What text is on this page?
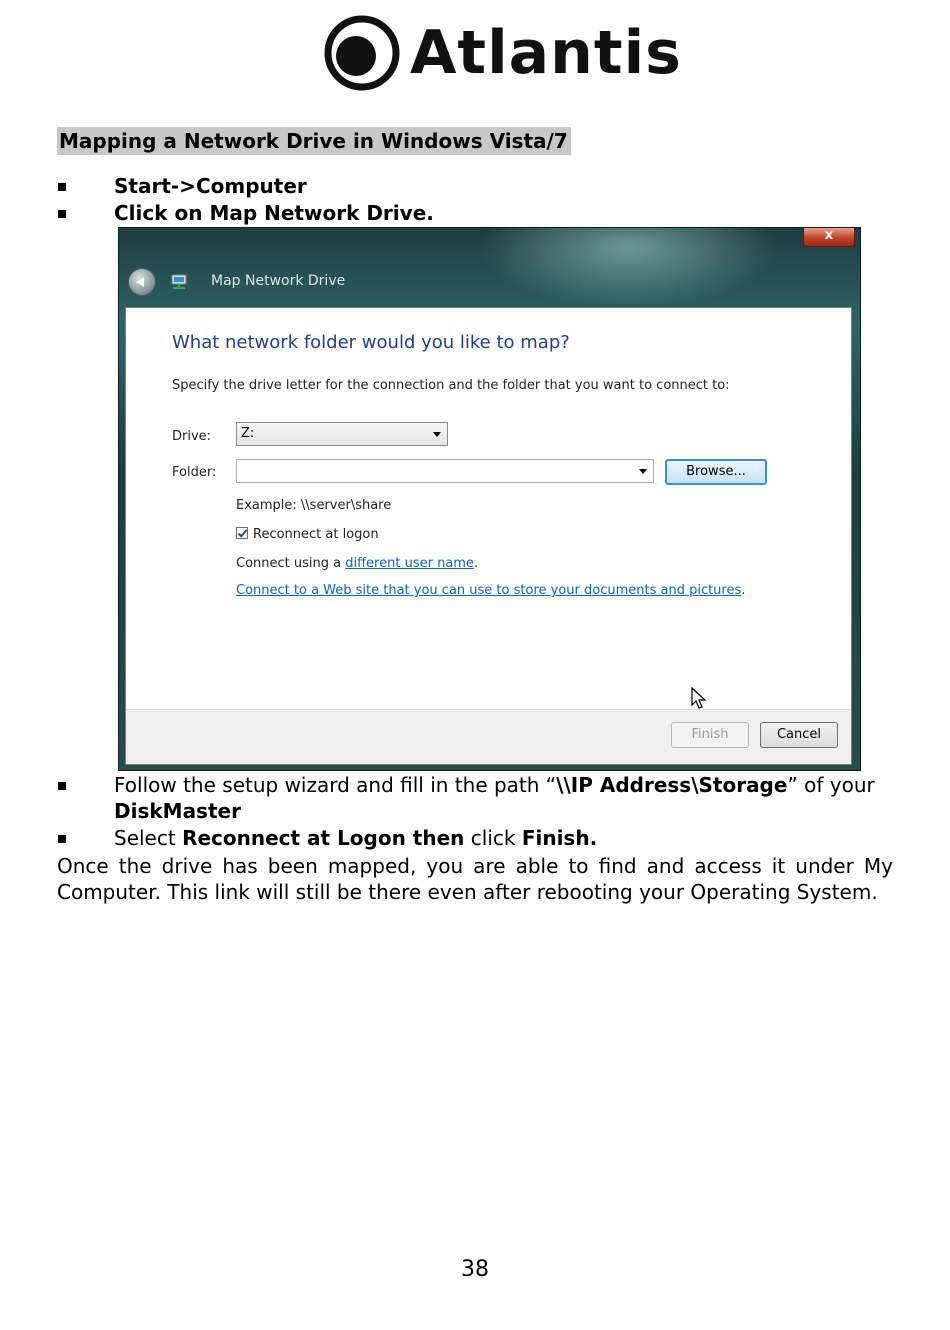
Atlantis
Mapping a Network Drive in Windows Vista/7
Start->Computer
Click on Map Network Drive.
x
Map Network Drive
What network folder would you like to map?
Specify the drive letter for the connection and the folder that you want to connect to:
Drive:	Z:
Folder:	Browse...
Example: \\server\share
Reconnect at logon
Connect using a different user name.
Connect to a Web site that you can use to store your documents and pictures.
Finish	Cancel
Follow the setup wizard and fill in the path “\\IP Address\Storage” of your
DiskMaster
Select Reconnect at Logon then click Finish.
Once the drive has been mapped, you are able to find and access it under My Computer. This link will still be there even after rebooting your Operating System.
38
